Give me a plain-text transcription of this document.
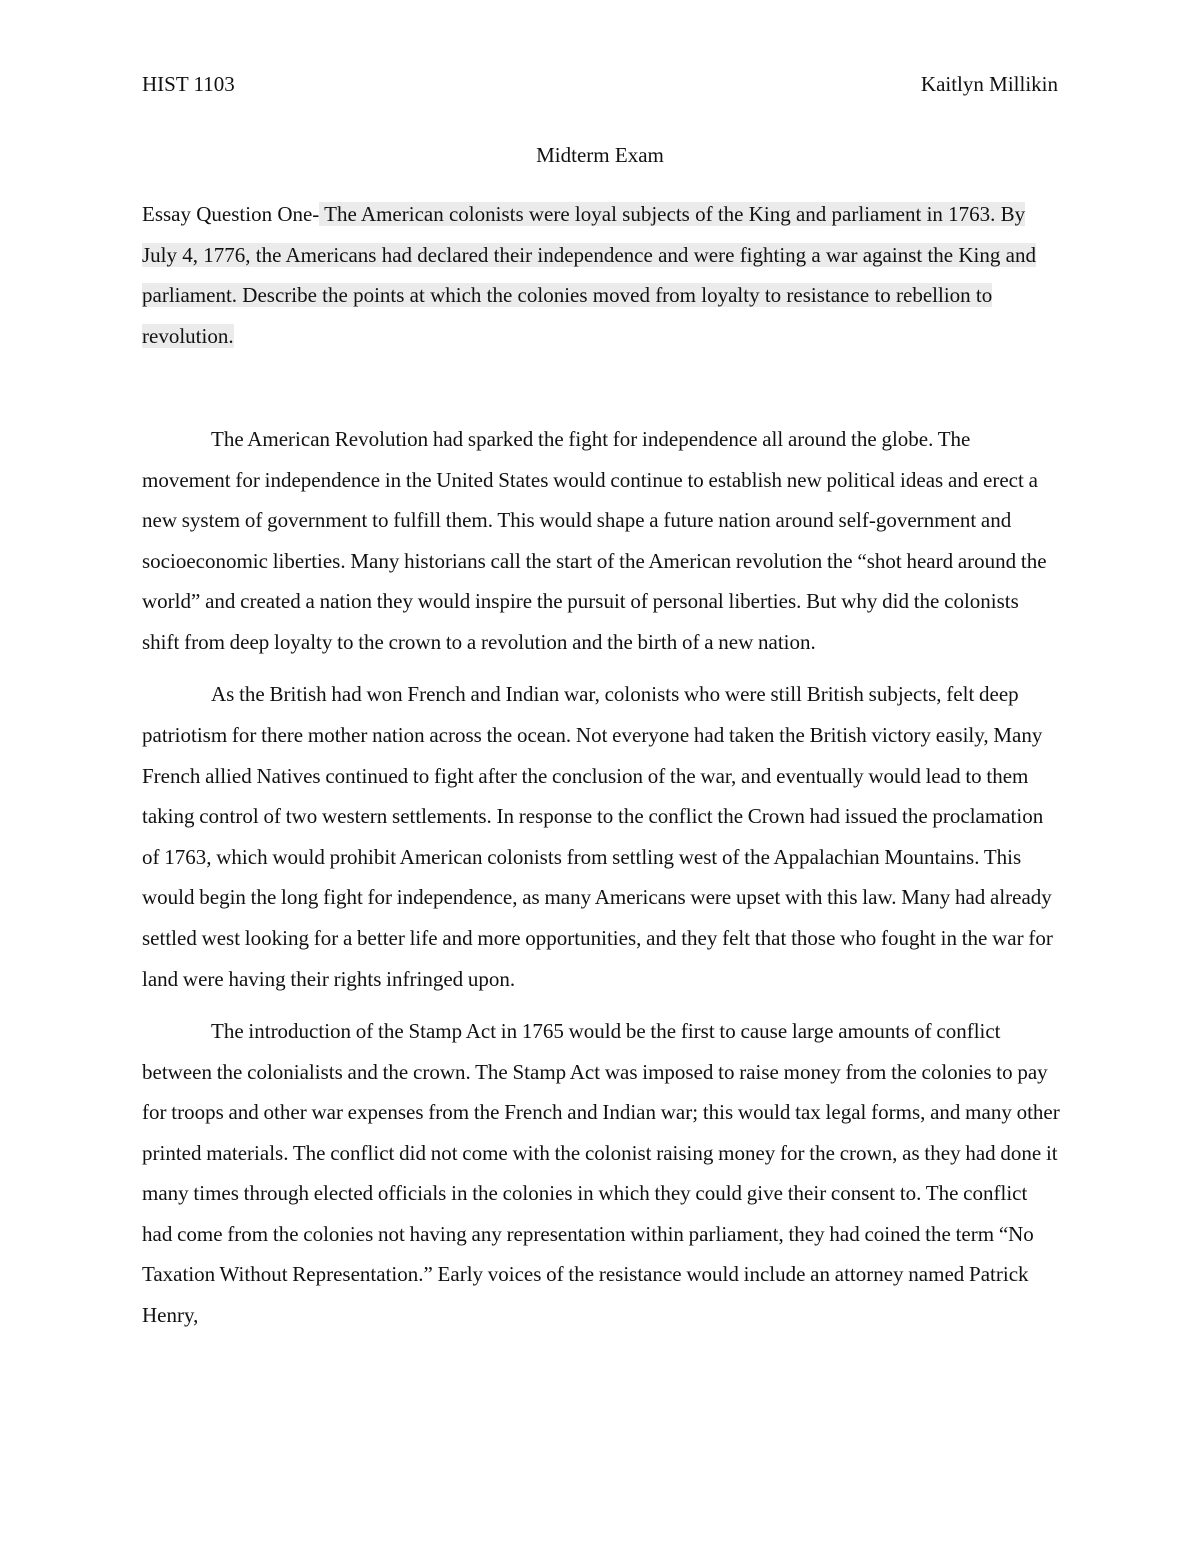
HIST 1103	Kaitlyn Millikin
Midterm Exam
Essay Question One- The American colonists were loyal subjects of the King and parliament in 1763. By July 4, 1776, the Americans had declared their independence and were fighting a war against the King and parliament. Describe the points at which the colonies moved from loyalty to resistance to rebellion to revolution.

The American Revolution had sparked the fight for independence all around the globe. The movement for independence in the United States would continue to establish new political ideas and erect a new system of government to fulfill them. This would shape a future nation around self-government and socioeconomic liberties. Many historians call the start of the American revolution the “shot heard around the world” and created a nation they would inspire the pursuit of personal liberties. But why did the colonists shift from deep loyalty to the crown to a revolution and the birth of a new nation.

As the British had won French and Indian war, colonists who were still British subjects, felt deep patriotism for there mother nation across the ocean. Not everyone had taken the British victory easily, Many French allied Natives continued to fight after the conclusion of the war, and eventually would lead to them taking control of two western settlements. In response to the conflict the Crown had issued the proclamation of 1763, which would prohibit American colonists from settling west of the Appalachian Mountains. This would begin the long fight for independence, as many Americans were upset with this law. Many had already settled west looking for a better life and more opportunities, and they felt that those who fought in the war for land were having their rights infringed upon.

The introduction of the Stamp Act in 1765 would be the first to cause large amounts of conflict between the colonialists and the crown. The Stamp Act was imposed to raise money from the colonies to pay for troops and other war expenses from the French and Indian war; this would tax legal forms, and many other printed materials. The conflict did not come with the colonist raising money for the crown, as they had done it many times through elected officials in the colonies in which they could give their consent to. The conflict had come from the colonies not having any representation within parliament, they had coined the term “No Taxation Without Representation.” Early voices of the resistance would include an attorney named Patrick Henry,
